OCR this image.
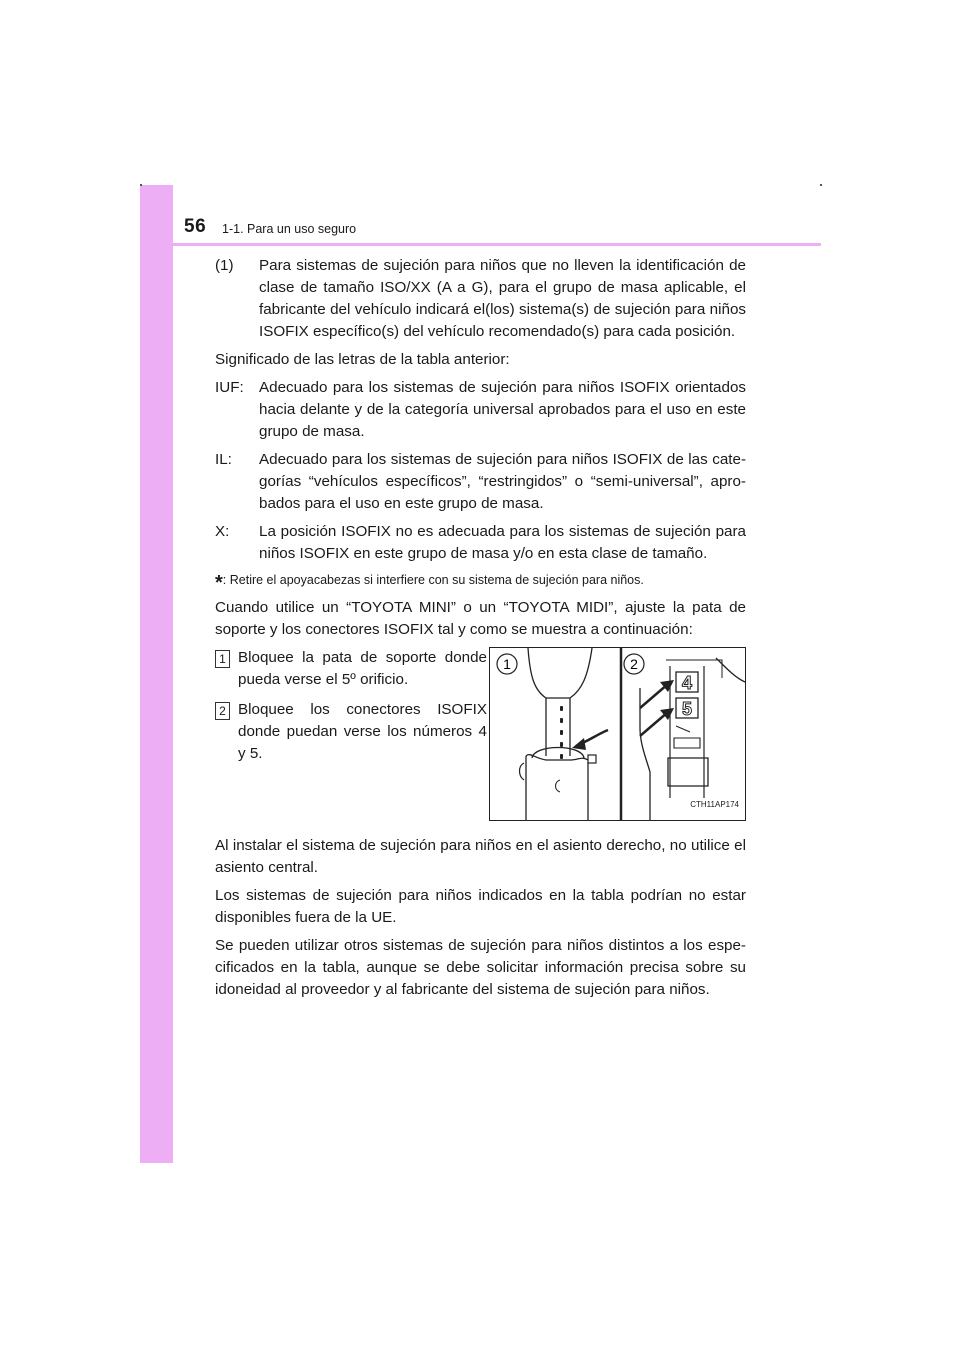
56 1-1. Para un uso seguro
(1)	Para sistemas de sujeción para niños que no lleven la identificación de clase de tamaño ISO/XX (A a G), para el grupo de masa aplicable, el fabricante del vehículo indicará el(los) sistema(s) de sujeción para niños ISOFIX específico(s) del vehículo recomendado(s) para cada posición.

Significado de las letras de la tabla anterior:

IUF:	Adecuado para los sistemas de sujeción para niños ISOFIX orientados hacia delante y de la categoría universal aprobados para el uso en este grupo de masa.
IL:	Adecuado para los sistemas de sujeción para niños ISOFIX de las cate-gorías “vehículos específicos”, “restringidos” o “semi-universal”, apro-bados para el uso en este grupo de masa.
X:	La posición ISOFIX no es adecuada para los sistemas de sujeción para niños ISOFIX en este grupo de masa y/o en esta clase de tamaño.
* : Retire el apoyacabezas si interfiere con su sistema de sujeción para niños.

Cuando utilice un “TOYOTA MINI” o un “TOYOTA MIDI”, ajuste la pata de soporte y los conectores ISOFIX tal y como se muestra a continuación:

1 Bloquee la pata de soporte donde pueda verse el 5º orificio.
2 Bloquee los conectores ISOFIX donde puedan verse los números 4 y 5.
1	2
4
5
CTH11AP174

Al instalar el sistema de sujeción para niños en el asiento derecho, no utilice el asiento central.

Los sistemas de sujeción para niños indicados en la tabla podrían no estar disponibles fuera de la UE.

Se pueden utilizar otros sistemas de sujeción para niños distintos a los espe-cificados en la tabla, aunque se debe solicitar información precisa sobre su idoneidad al proveedor y al fabricante del sistema de sujeción para niños.
